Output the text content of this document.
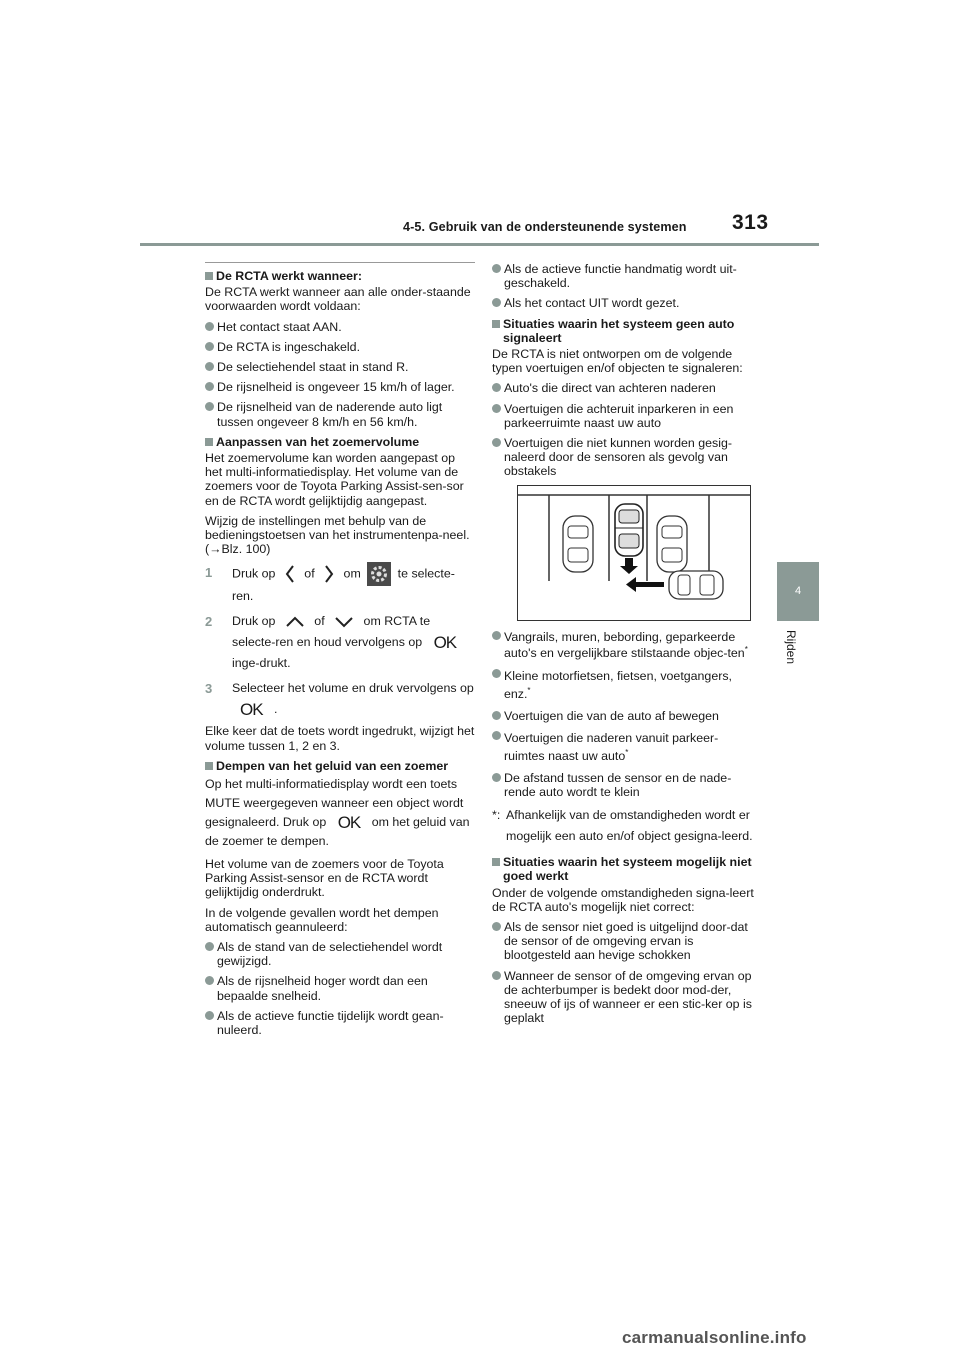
4-5. Gebruik van de ondersteunende systemen 313
4
Rijden
De RCTA werkt wanneer:

De RCTA werkt wanneer aan alle onder-staande voorwaarden wordt voldaan:

Het contact staat AAN.
De RCTA is ingeschakeld.
De selectiehendel staat in stand R.
De rijsnelheid is ongeveer 15 km/h of lager.
De rijsnelheid van de naderende auto ligt tussen ongeveer 8 km/h en 56 km/h.
Aanpassen van het zoemervolume

Het zoemervolume kan worden aangepast op het multi-informatiedisplay. Het volume van de zoemers voor de Toyota Parking Assist-sen-sor en de RCTA wordt gelijktijdig aangepast.

Wijzig de instellingen met behulp van de bedieningstoetsen van het instrumentenpa-neel. (→Blz. 100)

1 Druk op of om	te selecte-ren.
2 Druk op	of	om RCTA te selecte-ren en houd vervolgens op OK inge-drukt.
3 Selecteer het volume en druk vervolgens op OK .

Elke keer dat de toets wordt ingedrukt, wijzigt het volume tussen 1, 2 en 3.

Dempen van het geluid van een zoemer

Op het multi-informatiedisplay wordt een toets MUTE weergegeven wanneer een object wordt gesignaleerd. Druk op OK om het geluid van de zoemer te dempen.

Het volume van de zoemers voor de Toyota Parking Assist-sensor en de RCTA wordt gelijktijdig onderdrukt.

In de volgende gevallen wordt het dempen automatisch geannuleerd:

Als de stand van de selectiehendel wordt gewijzigd.
Als de rijsnelheid hoger wordt dan een bepaalde snelheid.
Als de actieve functie tijdelijk wordt gean-nuleerd.
Als de actieve functie handmatig wordt uit-geschakeld.
Als het contact UIT wordt gezet.
Situaties waarin het systeem geen auto signaleert

De RCTA is niet ontworpen om de volgende typen voertuigen en/of objecten te signaleren:

Auto's die direct van achteren naderen
Voertuigen die achteruit inparkeren in een parkeerruimte naast uw auto
Voertuigen die niet kunnen worden gesig-naleerd door de sensoren als gevolg van obstakels
Vangrails, muren, bebording, geparkeerde auto's en vergelijkbare stilstaande objec-ten*
Kleine motorfietsen, fietsen, voetgangers, enz.*
Voertuigen die van de auto af bewegen
Voertuigen die naderen vanuit parkeer-ruimtes naast uw auto*
De afstand tussen de sensor en de nade-rende auto wordt te klein
*: Afhankelijk van de omstandigheden wordt er mogelijk een auto en/of object gesigna-leerd.
Situaties waarin het systeem mogelijk niet goed werkt

Onder de volgende omstandigheden signa-leert de RCTA auto's mogelijk niet correct:

Als de sensor niet goed is uitgelijnd door-dat de sensor of de omgeving ervan is blootgesteld aan hevige schokken
Wanneer de sensor of de omgeving ervan op de achterbumper is bedekt door mod-der, sneeuw of ijs of wanneer er een stic-ker op is geplakt
carmanualsonline.info
